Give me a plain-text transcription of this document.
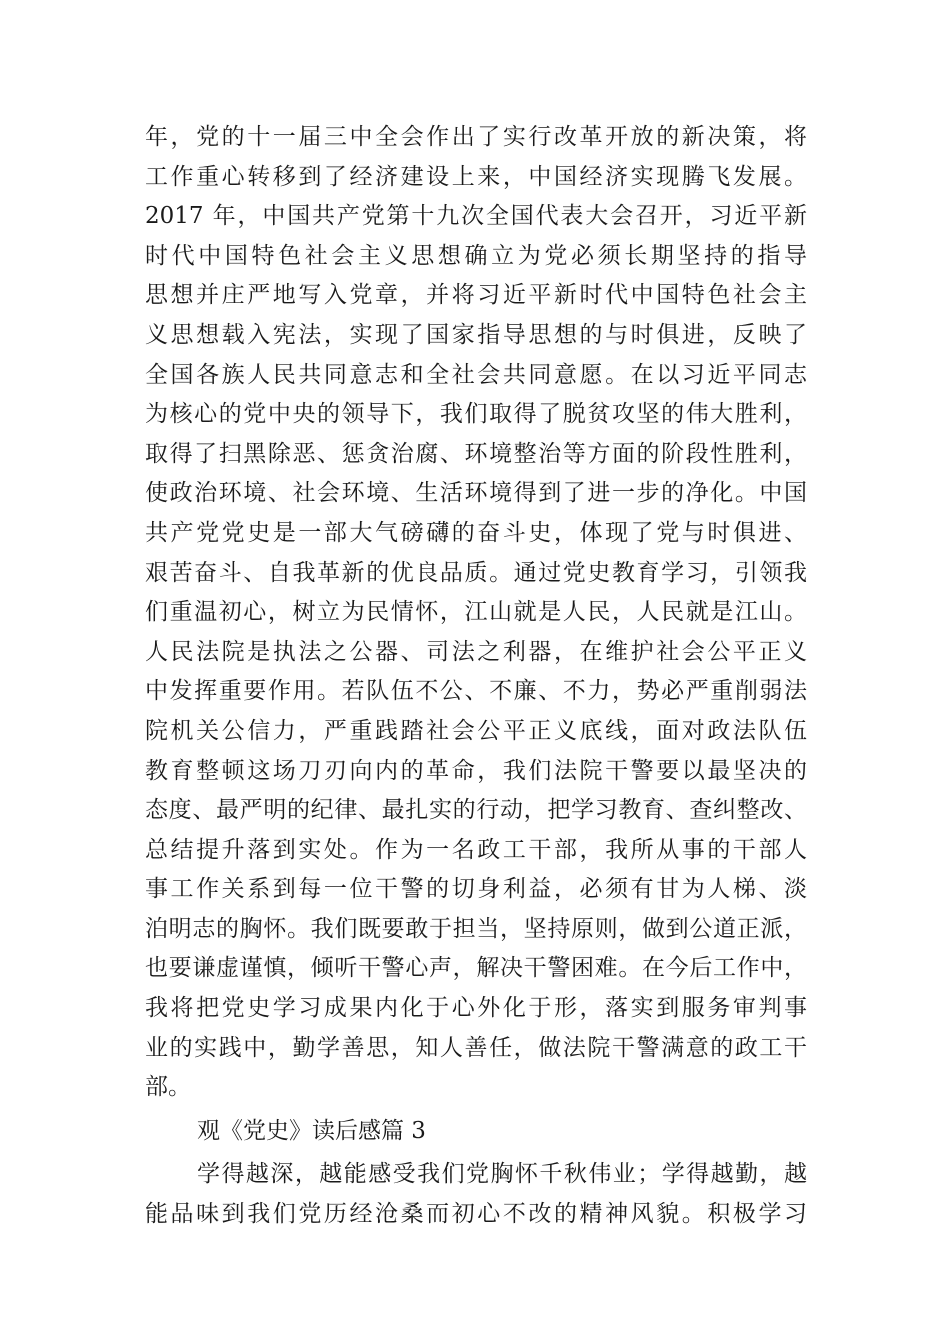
年，党的十一届三中全会作出了实行改革开放的新决策，将
工作重心转移到了经济建设上来，中国经济实现腾飞发展。
2017 年，中国共产党第十九次全国代表大会召开，习近平新
时代中国特色社会主义思想确立为党必须长期坚持的指导
思想并庄严地写入党章，并将习近平新时代中国特色社会主
义思想载入宪法，实现了国家指导思想的与时俱进，反映了
全国各族人民共同意志和全社会共同意愿。在以习近平同志
为核心的党中央的领导下，我们取得了脱贫攻坚的伟大胜利，
取得了扫黑除恶、惩贪治腐、环境整治等方面的阶段性胜利，
使政治环境、社会环境、生活环境得到了进一步的净化。中国
共产党党史是一部大气磅礴的奋斗史，体现了党与时俱进、
艰苦奋斗、自我革新的优良品质。通过党史教育学习，引领我
们重温初心，树立为民情怀，江山就是人民，人民就是江山。
人民法院是执法之公器、司法之利器，在维护社会公平正义
中发挥重要作用。若队伍不公、不廉、不力，势必严重削弱法
院机关公信力，严重践踏社会公平正义底线，面对政法队伍
教育整顿这场刀刃向内的革命，我们法院干警要以最坚决的
态度、最严明的纪律、最扎实的行动，把学习教育、查纠整改、
总结提升落到实处。作为一名政工干部，我所从事的干部人
事工作关系到每一位干警的切身利益，必须有甘为人梯、淡
泊明志的胸怀。我们既要敢于担当，坚持原则，做到公道正派，
也要谦虚谨慎，倾听干警心声，解决干警困难。在今后工作中，
我将把党史学习成果内化于心外化于形，落实到服务审判事
业的实践中，勤学善思，知人善任，做法院干警满意的政工干
部。
观《党史》读后感篇 3
学得越深，越能感受我们党胸怀千秋伟业；学得越勤，越
能品味到我们党历经沧桑而初心不改的精神风貌。积极学习
